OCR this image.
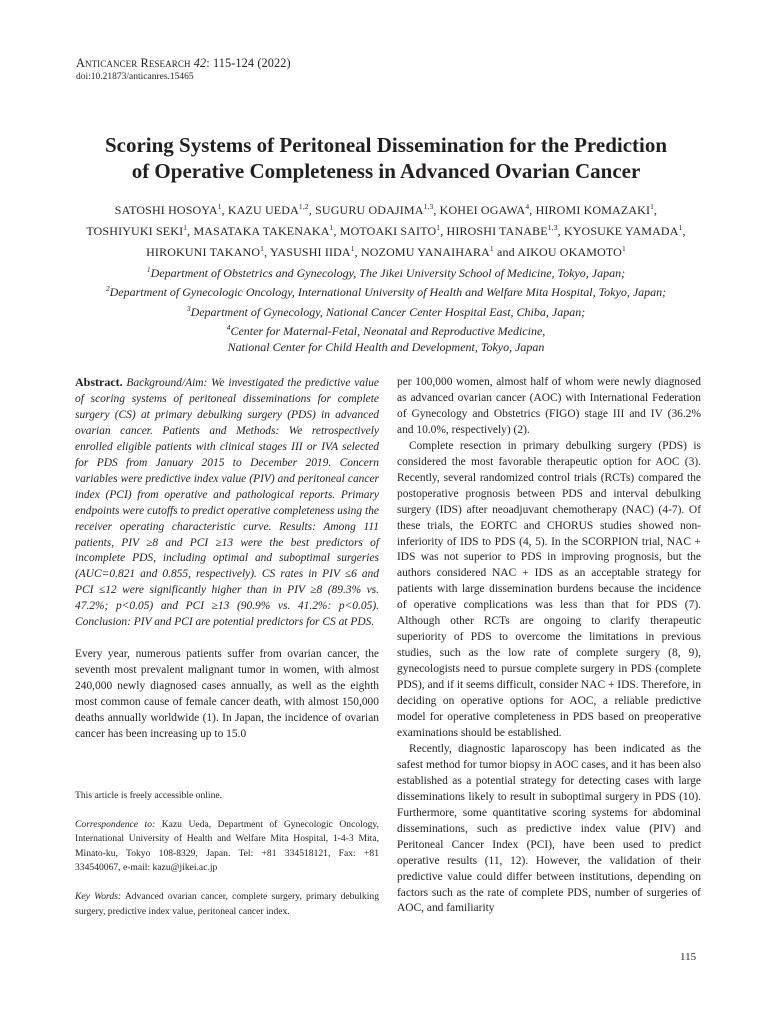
Anticancer Research 42: 115-124 (2022)
doi:10.21873/anticanres.15465
Scoring Systems of Peritoneal Dissemination for the Prediction
of Operative Completeness in Advanced Ovarian Cancer
SATOSHI HOSOYA$^1$, KAZU UEDA$^{1,2}$, SUGURU ODAJIMA$^{1,3}$, KOHEI OGAWA$^4$, HIROMI KOMAZAKI$^1$,
TOSHIYUKI SEKI$^1$, MASATAKA TAKENAKA$^1$, MOTOAKI SAITO$^1$, HIROSHI TANABE$^{1,3}$, KYOSUKE YAMADA$^1$,
HIROKUNI TAKANO$^1$, YASUSHI IIDA$^1$, NOZOMU YANAIHARA$^1$ and AIKOU OKAMOTO$^1$
$^1$Department of Obstetrics and Gynecology, The Jikei University School of Medicine, Tokyo, Japan;
$^2$Department of Gynecologic Oncology, International University of Health and Welfare Mita Hospital, Tokyo, Japan;
$^3$Department of Gynecology, National Cancer Center Hospital East, Chiba, Japan;
$^4$Center for Maternal-Fetal, Neonatal and Reproductive Medicine,
National Center for Child Health and Development, Tokyo, Japan

Abstract. Background/Aim: We investigated the predictive value of scoring systems of peritoneal disseminations for complete surgery (CS) at primary debulking surgery (PDS) in advanced ovarian cancer. Patients and Methods: We retrospectively enrolled eligible patients with clinical stages III or IVA selected for PDS from January 2015 to December 2019. Concern variables were predictive index value (PIV) and peritoneal cancer index (PCI) from operative and pathological reports. Primary endpoints were cutoffs to predict operative completeness using the receiver operating characteristic curve. Results: Among 111 patients, PIV ≥8 and PCI ≥13 were the best predictors of incomplete PDS, including optimal and suboptimal surgeries (AUC=0.821 and 0.855, respectively). CS rates in PIV ≤6 and PCI ≤12 were significantly higher than in PIV ≥8 (89.3% vs. 47.2%; p<0.05) and PCI ≥13 (90.9% vs. 41.2%: p<0.05). Conclusion: PIV and PCI are potential predictors for CS at PDS.

Every year, numerous patients suffer from ovarian cancer, the seventh most prevalent malignant tumor in women, with almost 240,000 newly diagnosed cases annually, as well as the eighth most common cause of female cancer death, with almost 150,000 deaths annually worldwide (1). In Japan, the incidence of ovarian cancer has been increasing up to 15.0

This article is freely accessible online.

Correspondence to: Kazu Ueda, Department of Gynecologic Oncology, International University of Health and Welfare Mita Hospital, 1-4-3 Mita, Minato-ku, Tokyo 108-8329, Japan. Tel: +81 334518121, Fax: +81 334540067, e-mail: kazu@jikei.ac.jp

Key Words: Advanced ovarian cancer, complete surgery, primary debulking surgery, predictive index value, peritoneal cancer index.

per 100,000 women, almost half of whom were newly diagnosed as advanced ovarian cancer (AOC) with International Federation of Gynecology and Obstetrics (FIGO) stage III and IV (36.2% and 10.0%, respectively) (2).

Complete resection in primary debulking surgery (PDS) is considered the most favorable therapeutic option for AOC (3). Recently, several randomized control trials (RCTs) compared the postoperative prognosis between PDS and interval debulking surgery (IDS) after neoadjuvant chemotherapy (NAC) (4-7). Of these trials, the EORTC and CHORUS studies showed non-inferiority of IDS to PDS (4, 5). In the SCORPION trial, NAC + IDS was not superior to PDS in improving prognosis, but the authors considered NAC + IDS as an acceptable strategy for patients with large dissemination burdens because the incidence of operative complications was less than that for PDS (7). Although other RCTs are ongoing to clarify therapeutic superiority of PDS to overcome the limitations in previous studies, such as the low rate of complete surgery (8, 9), gynecologists need to pursue complete surgery in PDS (complete PDS), and if it seems difficult, consider NAC + IDS. Therefore, in deciding on operative options for AOC, a reliable predictive model for operative completeness in PDS based on preoperative examinations should be established.

Recently, diagnostic laparoscopy has been indicated as the safest method for tumor biopsy in AOC cases, and it has been also established as a potential strategy for detecting cases with large disseminations likely to result in suboptimal surgery in PDS (10). Furthermore, some quantitative scoring systems for abdominal disseminations, such as predictive index value (PIV) and Peritoneal Cancer Index (PCI), have been used to predict operative results (11, 12). However, the validation of their predictive value could differ between institutions, depending on factors such as the rate of complete PDS, number of surgeries of AOC, and familiarity

115
